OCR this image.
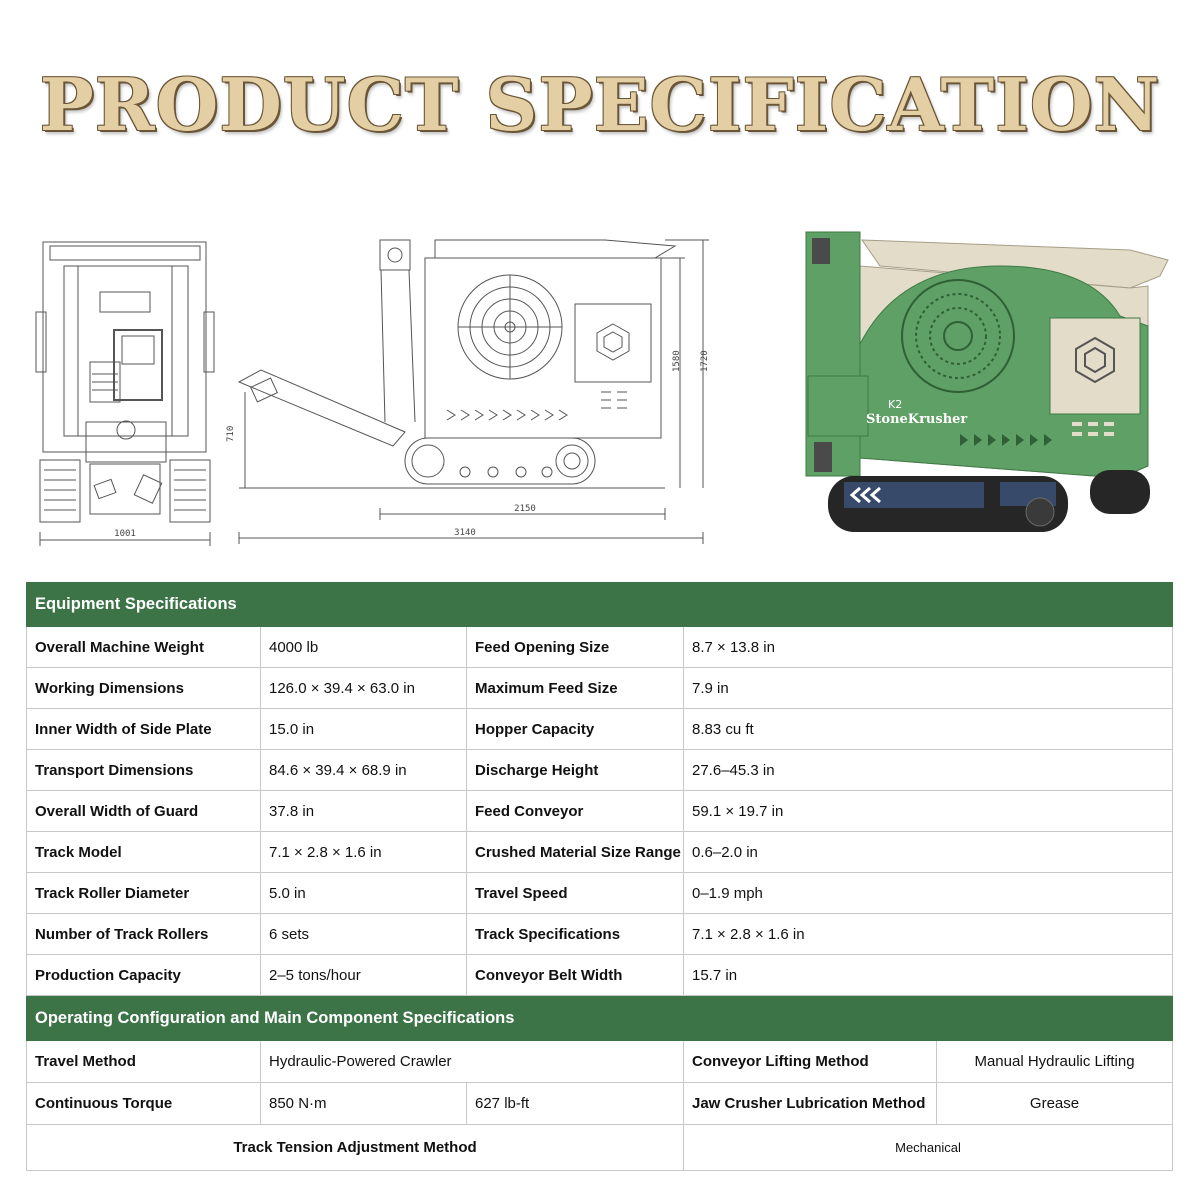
PRODUCT SPECIFICATION
1001
710
1580 1720
2150
3140
StoneKrusher
K2
Equipment Specifications				
Overall Machine Weight	4000 lb	Feed Opening Size	8.7 × 13.8 in	
Working Dimensions	126.0 × 39.4 × 63.0 in	Maximum Feed Size	7.9 in	
Inner Width of Side Plate	15.0 in	Hopper Capacity	8.83 cu ft	
Transport Dimensions	84.6 × 39.4 × 68.9 in	Discharge Height	27.6–45.3 in	
Overall Width of Guard	37.8 in	Feed Conveyor	59.1 × 19.7 in	
Track Model	7.1 × 2.8 × 1.6 in	Crushed Material Size Range	0.6–2.0 in	
Track Roller Diameter	5.0 in	Travel Speed	0–1.9 mph	
Number of Track Rollers	6 sets	Track Specifications	7.1 × 2.8 × 1.6 in	
Production Capacity	2–5 tons/hour	Conveyor Belt Width	15.7 in	
Operating Configuration and Main Component Specifications				
Travel Method	Hydraulic-Powered Crawler		Conveyor Lifting Method	Manual Hydraulic Lifting
Continuous Torque	850 N·m	627 lb-ft	Jaw Crusher Lubrication Method	Grease
Track Tension Adjustment Method			Mechanical	
